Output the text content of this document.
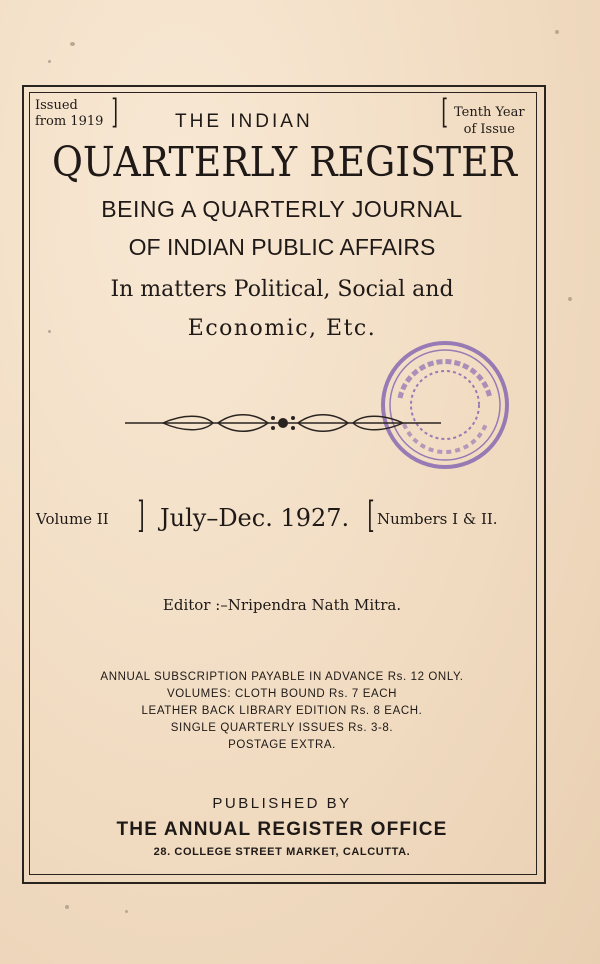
Issued
from 1919 ]	THE INDIAN	[ Tenth Year
of Issue
QUARTERLY REGISTER
BEING A QUARTERLY JOURNAL
OF INDIAN PUBLIC AFFAIRS
In matters Political, Social and
Economic, Etc.
Volume II ] July–Dec. 1927. [ Numbers I & II.
Editor :–Nripendra Nath Mitra.
ANNUAL SUBSCRIPTION PAYABLE IN ADVANCE Rs. 12 ONLY.
VOLUMES: CLOTH BOUND Rs. 7 EACH
LEATHER BACK LIBRARY EDITION Rs. 8 EACH.
SINGLE QUARTERLY ISSUES Rs. 3-8.
POSTAGE EXTRA.
PUBLISHED BY
THE ANNUAL REGISTER OFFICE
28. COLLEGE STREET MARKET, CALCUTTA.
